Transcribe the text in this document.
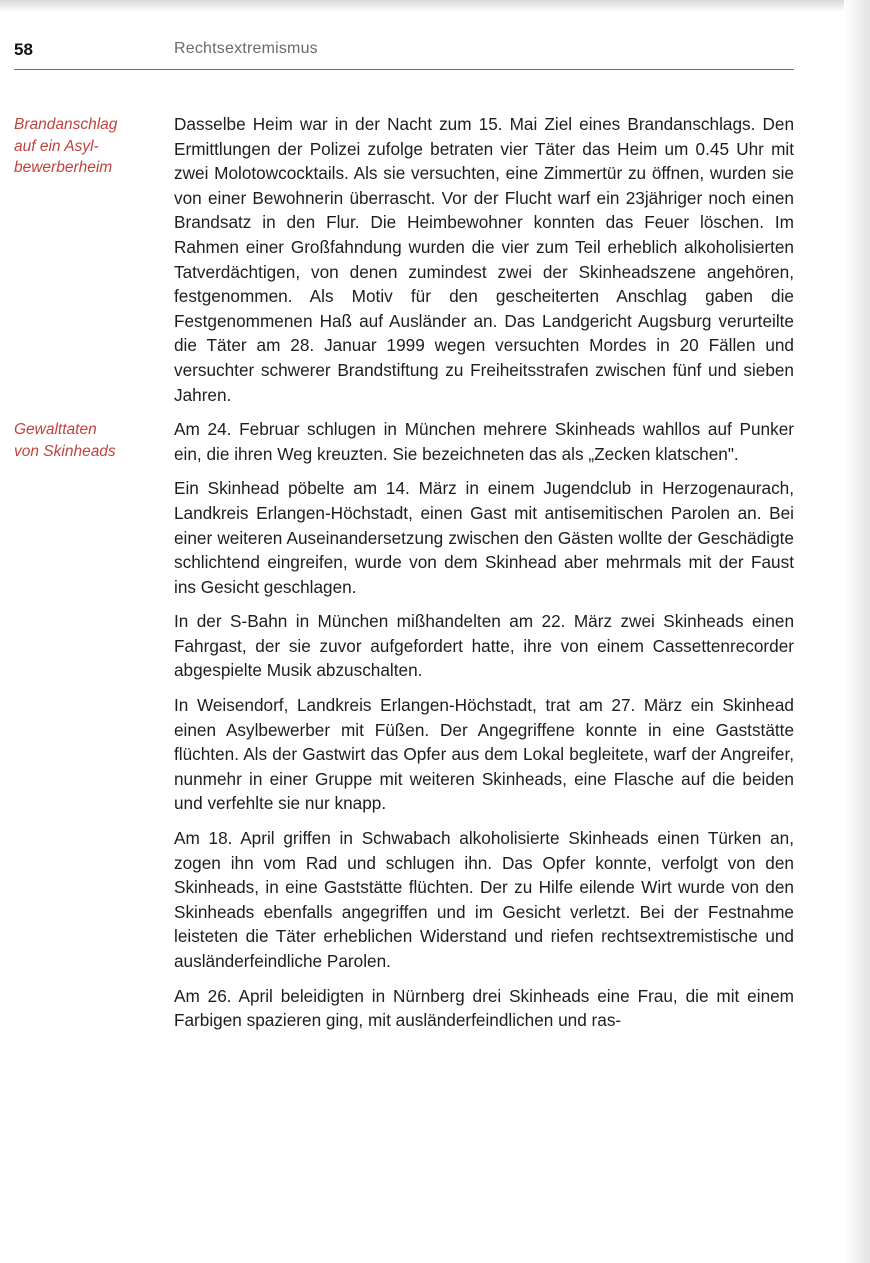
58	Rechtsextremismus
Brandanschlag
auf ein Asyl-
bewerberheim

Dasselbe Heim war in der Nacht zum 15. Mai Ziel eines Brandanschlags. Den Ermittlungen der Polizei zufolge betraten vier Täter das Heim um 0.45 Uhr mit zwei Molotowcocktails. Als sie versuchten, eine Zimmertür zu öffnen, wurden sie von einer Bewohnerin überrascht. Vor der Flucht warf ein 23jähriger noch einen Brandsatz in den Flur. Die Heimbewohner konnten das Feuer löschen. Im Rahmen einer Großfahndung wurden die vier zum Teil erheblich alkoholisierten Tatverdächtigen, von denen zumindest zwei der Skinheadszene angehören, festgenommen. Als Motiv für den gescheiterten Anschlag gaben die Festgenommenen Haß auf Ausländer an. Das Landgericht Augsburg verurteilte die Täter am 28. Januar 1999 wegen versuchten Mordes in 20 Fällen und versuchter schwerer Brandstiftung zu Freiheitsstrafen zwischen fünf und sieben Jahren.

Gewalttaten
von Skinheads

Am 24. Februar schlugen in München mehrere Skinheads wahllos auf Punker ein, die ihren Weg kreuzten. Sie bezeichneten das als „Zecken klatschen".

Ein Skinhead pöbelte am 14. März in einem Jugendclub in Herzogenaurach, Landkreis Erlangen-Höchstadt, einen Gast mit antisemitischen Parolen an. Bei einer weiteren Auseinandersetzung zwischen den Gästen wollte der Geschädigte schlichtend eingreifen, wurde von dem Skinhead aber mehrmals mit der Faust ins Gesicht geschlagen.

In der S-Bahn in München mißhandelten am 22. März zwei Skinheads einen Fahrgast, der sie zuvor aufgefordert hatte, ihre von einem Cassettenrecorder abgespielte Musik abzuschalten.

In Weisendorf, Landkreis Erlangen-Höchstadt, trat am 27. März ein Skinhead einen Asylbewerber mit Füßen. Der Angegriffene konnte in eine Gaststätte flüchten. Als der Gastwirt das Opfer aus dem Lokal begleitete, warf der Angreifer, nunmehr in einer Gruppe mit weiteren Skinheads, eine Flasche auf die beiden und verfehlte sie nur knapp.

Am 18. April griffen in Schwabach alkoholisierte Skinheads einen Türken an, zogen ihn vom Rad und schlugen ihn. Das Opfer konnte, verfolgt von den Skinheads, in eine Gaststätte flüchten. Der zu Hilfe eilende Wirt wurde von den Skinheads ebenfalls angegriffen und im Gesicht verletzt. Bei der Festnahme leisteten die Täter erheblichen Widerstand und riefen rechtsextremistische und ausländerfeindliche Parolen.

Am 26. April beleidigten in Nürnberg drei Skinheads eine Frau, die mit einem Farbigen spazieren ging, mit ausländerfeindlichen und ras-
